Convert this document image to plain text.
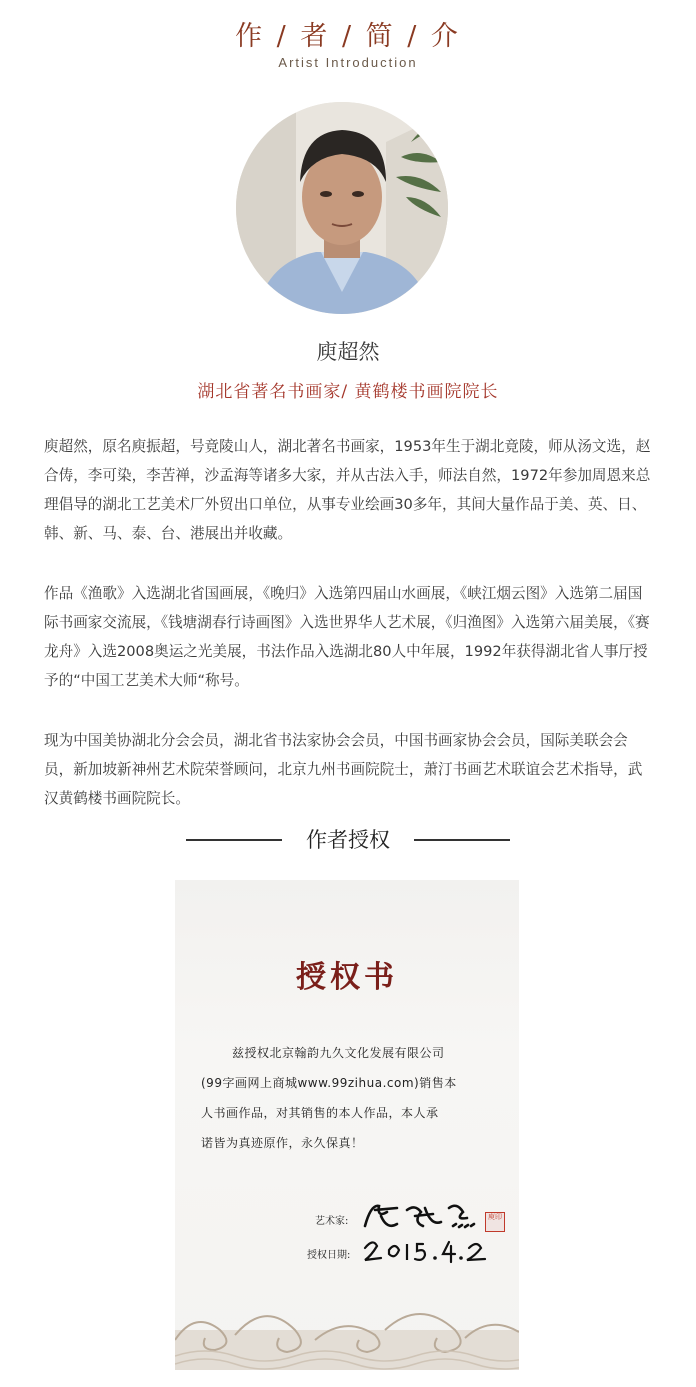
作 / 者 / 简 / 介
Artist Introduction
庾超然
湖北省著名书画家/ 黄鹤楼书画院院长

庾超然，原名庾振超，号竟陵山人，湖北著名书画家，1953年生于湖北竟陵，师从汤文选，赵合俦，李可染，李苦禅，沙孟海等诸多大家，并从古法入手，师法自然，1972年参加周恩来总理倡导的湖北工艺美术厂外贸出口单位，从事专业绘画30多年，其间大量作品于美、英、日、韩、新、马、泰、台、港展出并收藏。

作品《渔歌》入选湖北省国画展，《晚归》入选第四届山水画展，《峡江烟云图》入选第二届国际书画家交流展，《钱塘湖春行诗画图》入选世界华人艺术展，《归渔图》入选第六届美展，《赛龙舟》入选2008奥运之光美展，书法作品入选湖北80人中年展，1992年获得湖北省人事厅授予的“中国工艺美术大师“称号。

现为中国美协湖北分会会员，湖北省书法家协会会员，中国书画家协会会员，国际美联会会员，新加坡新神州艺术院荣誉顾问，北京九州书画院院士，萧汀书画艺术联谊会艺术指导，武汉黄鹤楼书画院院长。

作者授权
授权书
兹授权北京翰韵九久文化发展有限公司
(99字画网上商城www.99zihua.com)销售本
人书画作品，对其销售的本人作品，本人承
诺皆为真迹原作，永久保真！
艺术家:	庾印
授权日期:
